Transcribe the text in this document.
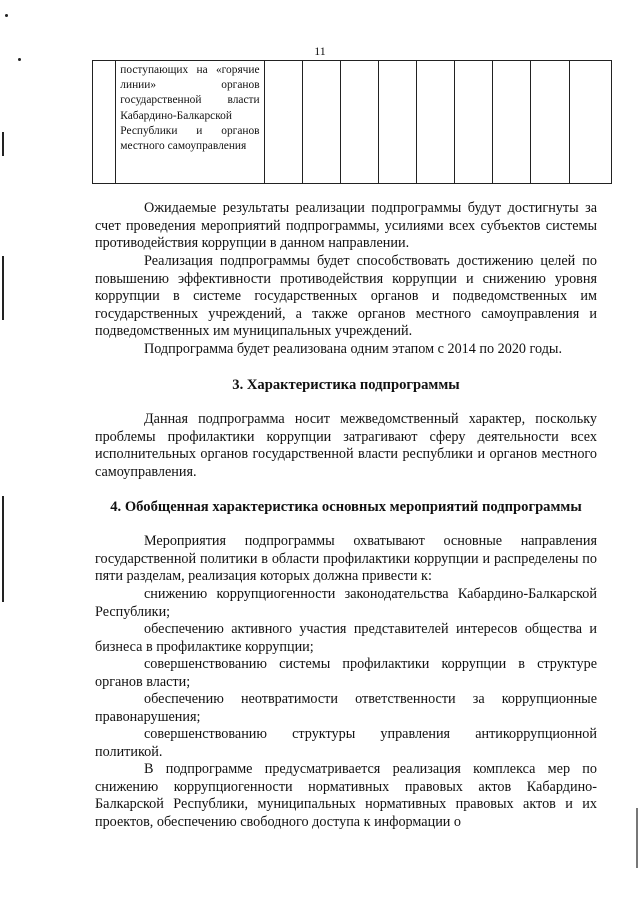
11

поступающих на «горячие линии» органов государственной власти Кабардино-Балкарской Республики и органов местного самоуправления

Ожидаемые результаты реализации подпрограммы будут достигнуты за счет проведения мероприятий подпрограммы, усилиями всех субъектов системы противодействия коррупции в данном направлении.

Реализация подпрограммы будет способствовать достижению целей по повышению эффективности противодействия коррупции и снижению уровня коррупции в системе государственных органов и подведомственных им государственных учреждений, а также органов местного самоуправления и подведомственных им муниципальных учреждений.

Подпрограмма будет реализована одним этапом с 2014 по 2020 годы.

3. Характеристика подпрограммы

Данная подпрограмма носит межведомственный характер, поскольку проблемы профилактики коррупции затрагивают сферу деятельности всех исполнительных органов государственной власти республики и органов местного самоуправления.

4. Обобщенная характеристика основных мероприятий подпрограммы

Мероприятия подпрограммы охватывают основные направления государственной политики в области профилактики коррупции и распределены по пяти разделам, реализация которых должна привести к:

снижению коррупциогенности законодательства Кабардино-Балкарской Республики;

обеспечению активного участия представителей интересов общества и бизнеса в профилактике коррупции;

совершенствованию системы профилактики коррупции в структуре органов власти;

обеспечению неотвратимости ответственности за коррупционные правонарушения;

совершенствованию структуры управления антикоррупционной политикой.

В подпрограмме предусматривается реализация комплекса мер по снижению коррупциогенности нормативных правовых актов Кабардино-Балкарской Республики, муниципальных нормативных правовых актов и их проектов, обеспечению свободного доступа к информации о
